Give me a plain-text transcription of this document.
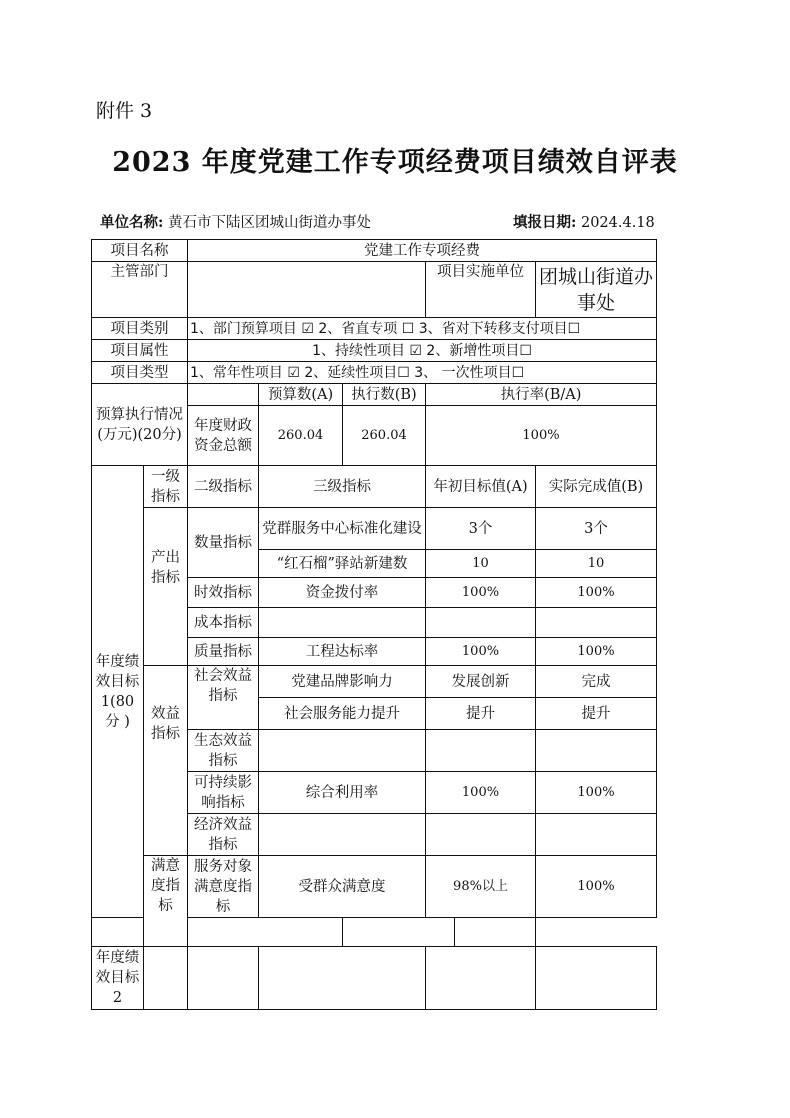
附件 3
2023 年度党建工作专项经费项目绩效自评表
单位名称: 黄石市下陆区团城山街道办事处	填报日期: 2024.4.18
项目名称		党建工作专项经费					
主管部门					项目实施单位		团城山街道办事处
项目类别		1、部门预算项目 ☑ 2、省直专项 ☐ 3、省对下转移支付项目☐					
项目属性		1、持续性项目 ☑ 2、新增性项目☐					
项目类型		1、常年性项目 ☑ 2、延续性项目☐ 3、 一次性项目☐					
预算执行情况(万元)(20分)			预算数(A)	执行数(B)	执行率(B/A)		
		年度财政资金总额	260.04	260.04	100%		
年度绩效目标1(80分 )	一级指标	二级指标	三级指标		年初目标值(A)		实际完成值(B)
	产出指标	数量指标	党群服务中心标准化建设		3个		3个
			“红石榴”驿站新建数		10		10
		时效指标	资金拨付率		100%		100%
		成本指标					
		质量指标	工程达标率		100%		100%
	效益指标	社会效益指标	党建品牌影响力		发展创新		完成
			社会服务能力提升		提升		提升
		生态效益指标					
		可持续影响指标	综合利用率		100%		100%
		经济效益指标					
	满意度指标	服务对象满意度指标	受群众满意度		98%以上		100%

年度绩效目标2							
